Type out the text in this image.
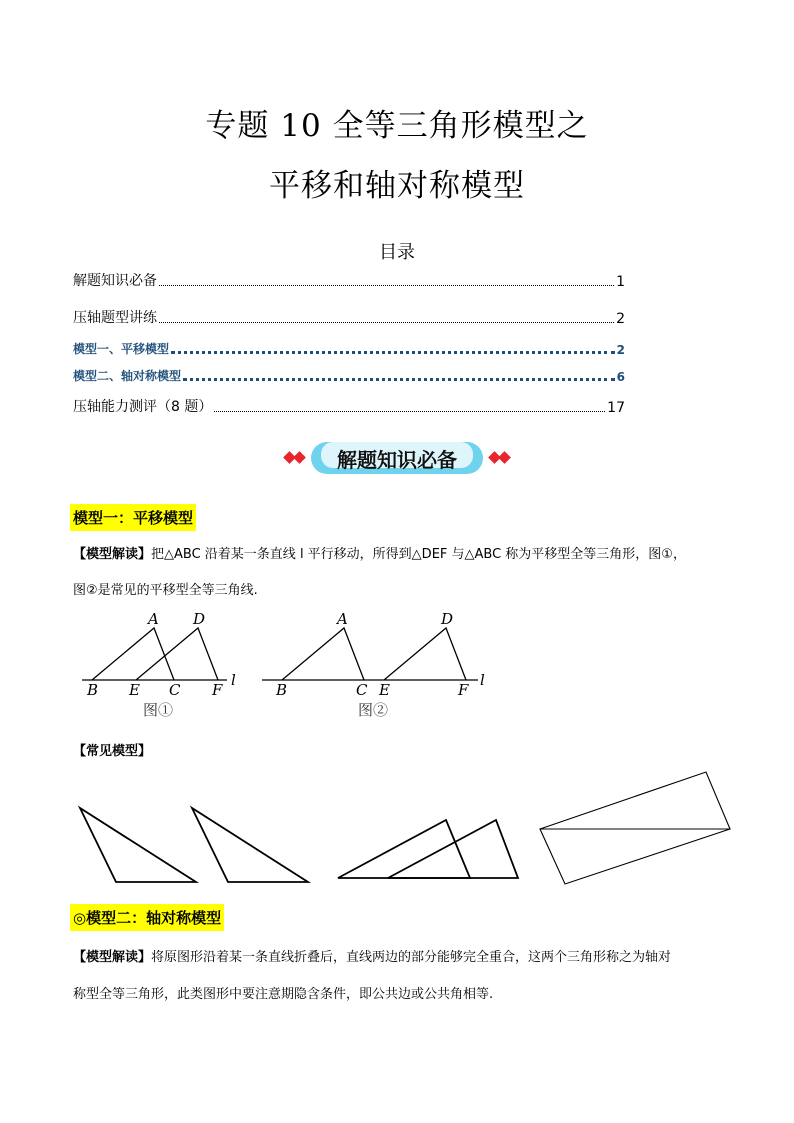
专题 10 全等三角形模型之
平移和轴对称模型
目录
解题知识必备	1
压轴题型讲练	2
模型一、平移模型	2
模型二、轴对称模型	6
压轴能力测评（8 题）	17
解题知识必备
模型一：平移模型
【模型解读】把△ABC 沿着某一条直线 l 平行移动，所得到△DEF 与△ABC 称为平移型全等三角形，图①，
图②是常见的平移型全等三角线.
A D
B E C F
l
A	D
B	C E	F
l
图①	图②
【常见模型】
◎模型二：轴对称模型
【模型解读】将原图形沿着某一条直线折叠后，直线两边的部分能够完全重合，这两个三角形称之为轴对
称型全等三角形，此类图形中要注意期隐含条件，即公共边或公共角相等.
